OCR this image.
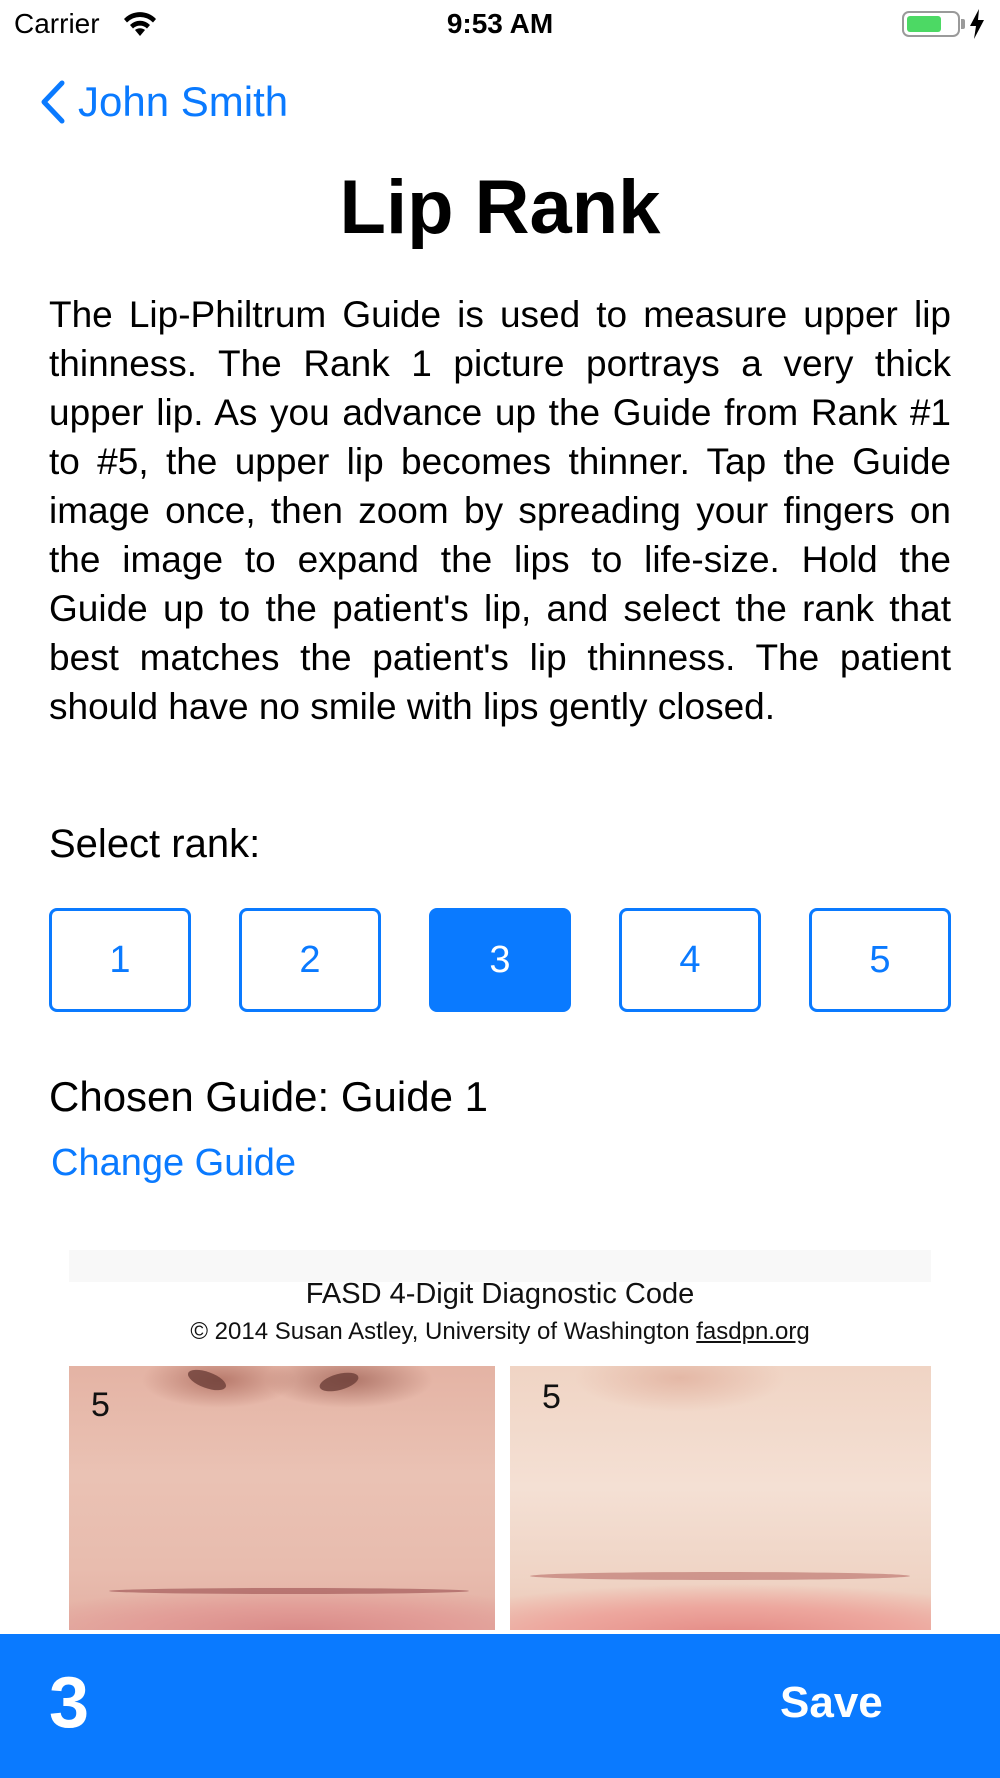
Carrier	9:53 AM
John Smith
Lip Rank

The Lip-Philtrum Guide is used to measure upper lip thinness. The Rank 1 picture portrays a very thick upper lip. As you advance up the Guide from Rank #1 to #5, the upper lip becomes thinner. Tap the Guide image once, then zoom by spreading your fingers on the image to expand the lips to life-size. Hold the Guide up to the patient's lip, and select the rank that best matches the patient's lip thinness. The patient should have no smile with lips gently closed.

Select rank:

1	2	3	4	5

Chosen Guide: Guide 1

Change Guide
FASD 4-Digit Diagnostic Code
© 2014 Susan Astley, University of Washington fasdpn.org
5	5
3	Save
